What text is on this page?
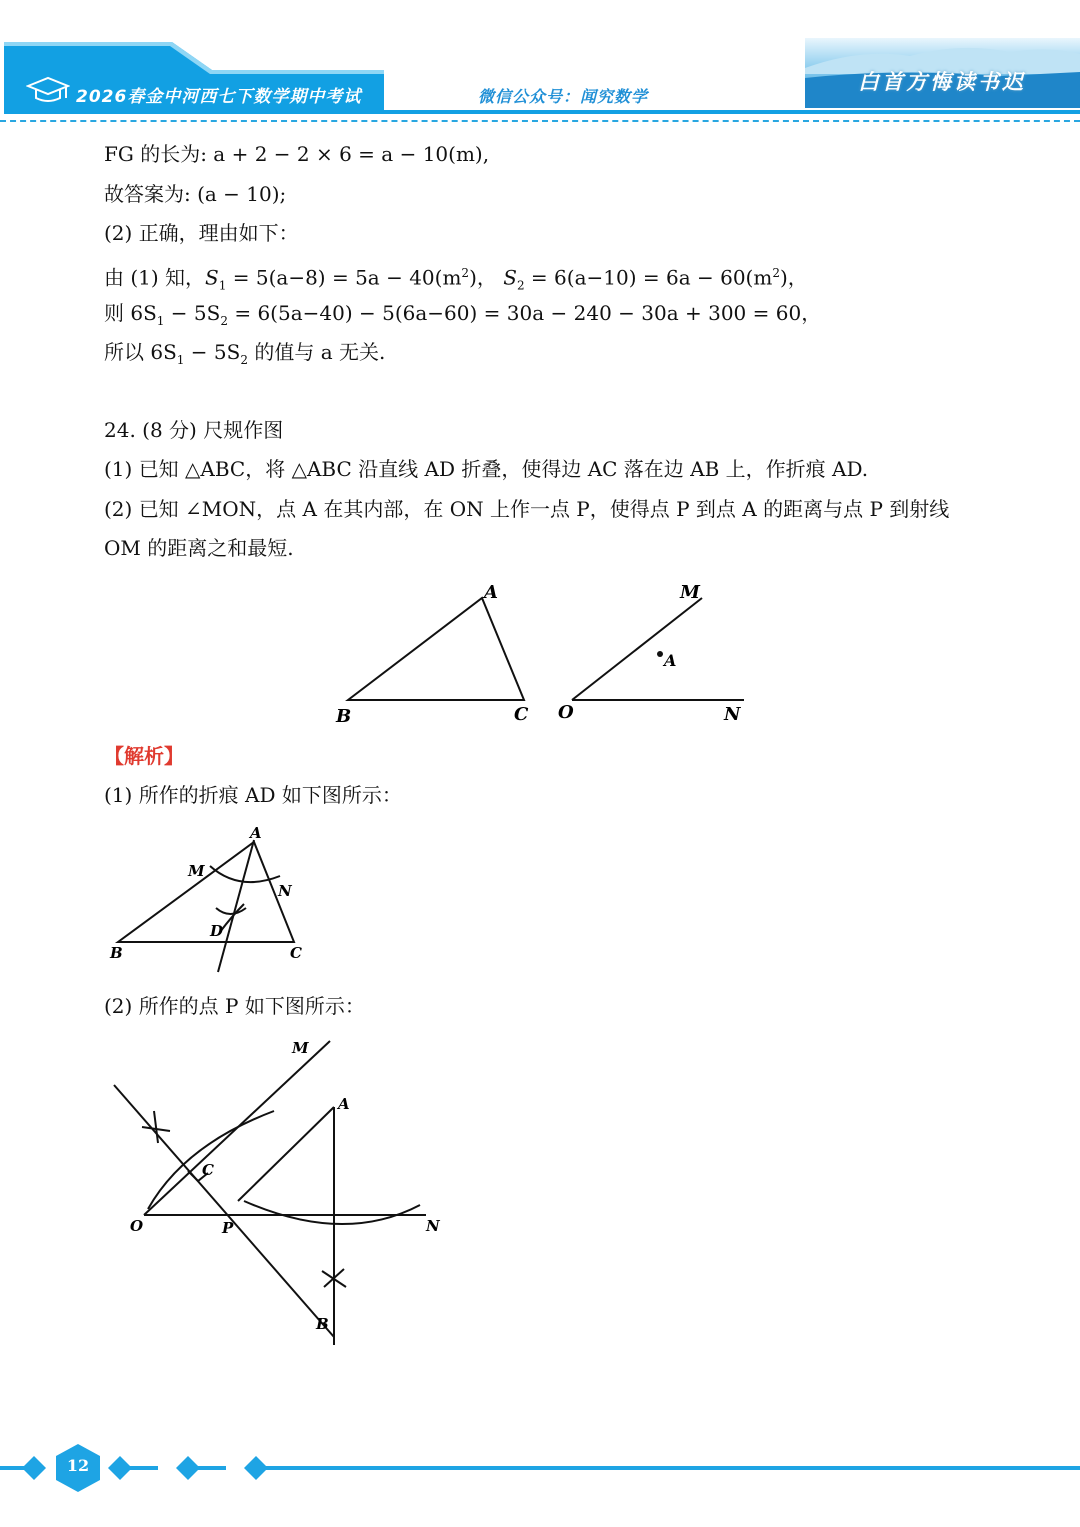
2026春金中河西七下数学期中考试	微信公众号：闻究数学
白首方悔读书迟
FG 的长为: a + 2 − 2 × 6 = a − 10(m),
故答案为: (a − 10);
(2) 正确，理由如下：
由 (1) 知，$S_1 = 5(a-8) = 5a - 40(m^2)$， $S_2 = 6(a-10) = 6a - 60(m^2)$，
则 $6S_1 - 5S_2 = 6(5a-40) - 5(6a-60) = 30a - 240 - 30a + 300 = 60$，
所以 $6S_1 - 5S_2$ 的值与 a 无关.
24. (8 分) 尺规作图
(1) 已知 △ABC，将 △ABC 沿直线 AD 折叠，使得边 AC 落在边 AB 上，作折痕 AD.
(2) 已知 ∠MON，点 A 在其内部，在 ON 上作一点 P，使得点 P 到点 A 的距离与点 P 到射线
OM 的距离之和最短.
A
B	C
M
A
O	N
【解析】
(1) 所作的折痕 AD 如下图所示：
A
M
N
D
B	C
(2) 所作的点 P 如下图所示：
M
A
C
O	P	N
B
12
